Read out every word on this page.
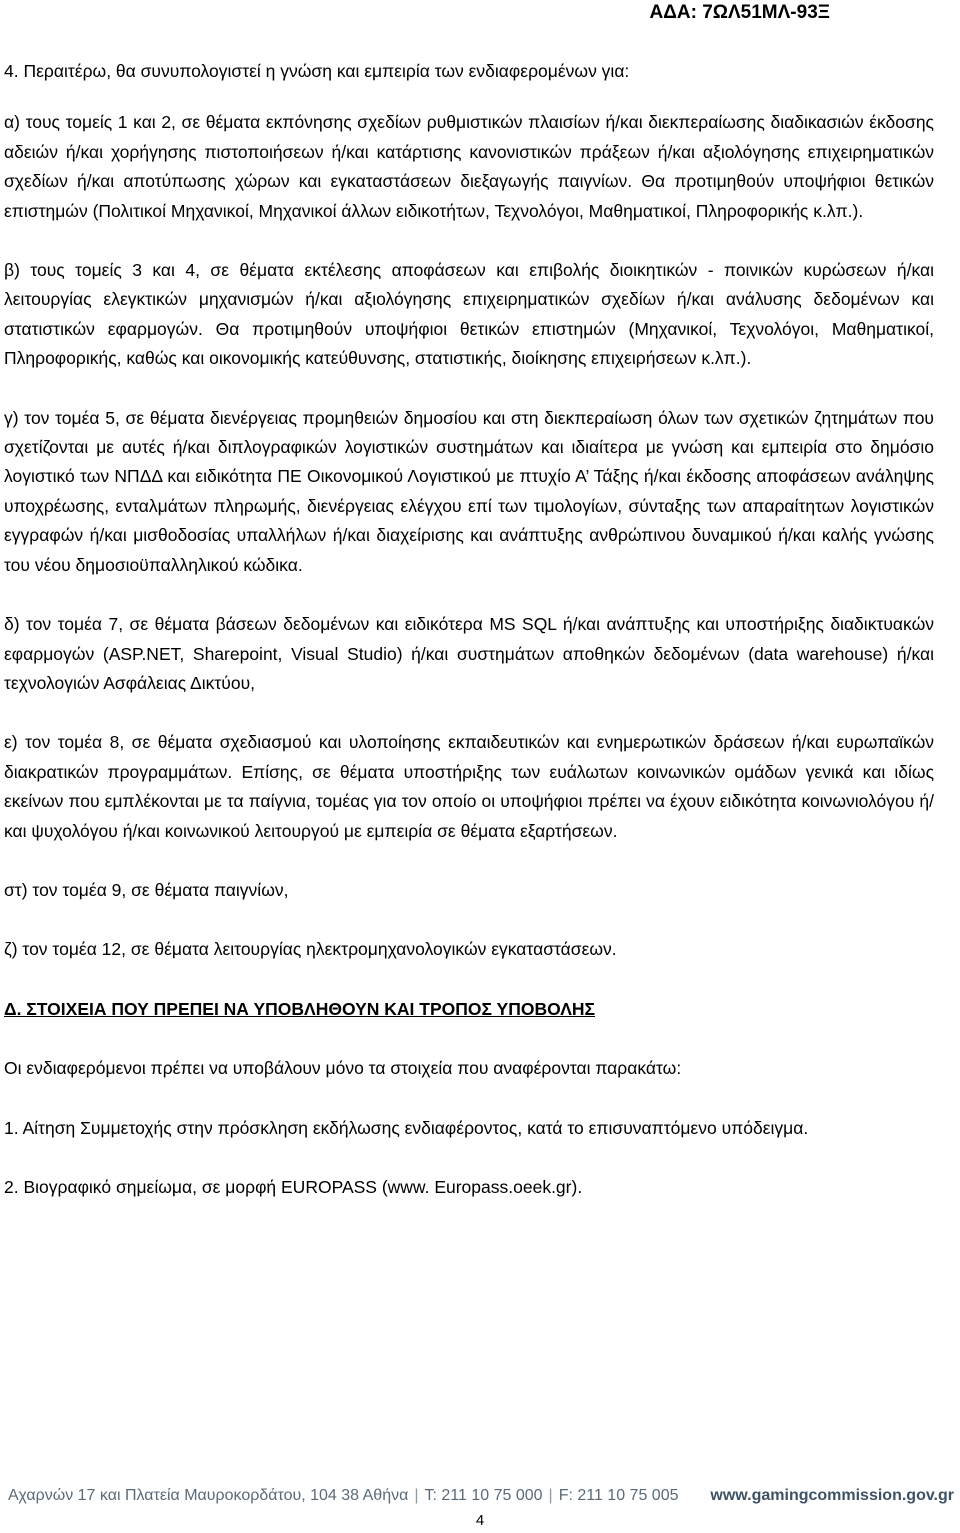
ΑΔΑ: 7ΩΛ51ΜΛ-93Ξ

4. Περαιτέρω, θα συνυπολογιστεί η γνώση και εμπειρία των ενδιαφερομένων για:

α) τους τομείς 1 και 2, σε θέματα εκπόνησης σχεδίων ρυθμιστικών πλαισίων ή/και διεκπεραίωσης διαδικασιών έκδοσης αδειών ή/και χορήγησης πιστοποιήσεων ή/και κατάρτισης κανονιστικών πράξεων ή/και αξιολόγησης επιχειρηματικών σχεδίων ή/και αποτύπωσης χώρων και εγκαταστάσεων διεξαγωγής παιγνίων. Θα προτιμηθούν υποψήφιοι θετικών επιστημών (Πολιτικοί Μηχανικοί, Μηχανικοί άλλων ειδικοτήτων, Τεχνολόγοι, Μαθηματικοί, Πληροφορικής κ.λπ.).

β) τους τομείς 3 και 4, σε θέματα εκτέλεσης αποφάσεων και επιβολής διοικητικών - ποινικών κυρώσεων ή/και λειτουργίας ελεγκτικών μηχανισμών ή/και αξιολόγησης επιχειρηματικών σχεδίων ή/και ανάλυσης δεδομένων και στατιστικών εφαρμογών. Θα προτιμηθούν υποψήφιοι θετικών επιστημών (Μηχανικοί, Τεχνολόγοι, Μαθηματικοί, Πληροφορικής, καθώς και οικονομικής κατεύθυνσης, στατιστικής, διοίκησης επιχειρήσεων κ.λπ.).

γ) τον τομέα 5, σε θέματα διενέργειας προμηθειών δημοσίου και στη διεκπεραίωση όλων των σχετικών ζητημάτων που σχετίζονται με αυτές ή/και διπλογραφικών λογιστικών συστημάτων και ιδιαίτερα με γνώση και εμπειρία στο δημόσιο λογιστικό των ΝΠΔΔ και ειδικότητα ΠΕ Οικονομικού Λογιστικού με πτυχίο Α’ Τάξης ή/και έκδοσης αποφάσεων ανάληψης υποχρέωσης, ενταλμάτων πληρωμής, διενέργειας ελέγχου επί των τιμολογίων, σύνταξης των απαραίτητων λογιστικών εγγραφών ή/και μισθοδοσίας υπαλλήλων ή/και διαχείρισης και ανάπτυξης ανθρώπινου δυναμικού ή/και καλής γνώσης του νέου δημοσιοϋπαλληλικού κώδικα.

δ) τον τομέα 7, σε θέματα βάσεων δεδομένων και ειδικότερα MS SQL ή/και ανάπτυξης και υποστήριξης διαδικτυακών εφαρμογών (ASP.NET, Sharepoint, Visual Studio) ή/και συστημάτων αποθηκών δεδομένων (data warehouse) ή/και τεχνολογιών Ασφάλειας Δικτύου,

ε) τον τομέα 8, σε θέματα σχεδιασμού και υλοποίησης εκπαιδευτικών και ενημερωτικών δράσεων ή/και ευρωπαϊκών διακρατικών προγραμμάτων. Επίσης, σε θέματα υποστήριξης των ευάλωτων κοινωνικών ομάδων γενικά και ιδίως εκείνων που εμπλέκονται με τα παίγνια, τομέας για τον οποίο οι υποψήφιοι πρέπει να έχουν ειδικότητα κοινωνιολόγου ή/και ψυχολόγου ή/και κοινωνικού λειτουργού με εμπειρία σε θέματα εξαρτήσεων.

στ) τον τομέα 9, σε θέματα παιγνίων,

ζ) τον τομέα 12, σε θέματα λειτουργίας ηλεκτρομηχανολογικών εγκαταστάσεων.

Δ. ΣΤΟΙΧΕΙΑ ΠΟΥ ΠΡΕΠΕΙ ΝΑ ΥΠΟΒΛΗΘΟΥΝ ΚΑΙ ΤΡΟΠΟΣ ΥΠΟΒΟΛΗΣ

Οι ενδιαφερόμενοι πρέπει να υποβάλουν μόνο τα στοιχεία που αναφέρονται παρακάτω:

1. Αίτηση Συμμετοχής στην πρόσκληση εκδήλωσης ενδιαφέροντος, κατά το επισυναπτόμενο υπόδειγμα.

2. Βιογραφικό σημείωμα, σε μορφή EUROPASS (www. Europass.oeek.gr).

Αχαρνών 17 και Πλατεία Μαυροκορδάτου, 104 38 Αθήνα | T: 211 10 75 000 | F: 211 10 75 005 www.gamingcommission.gov.gr
4
